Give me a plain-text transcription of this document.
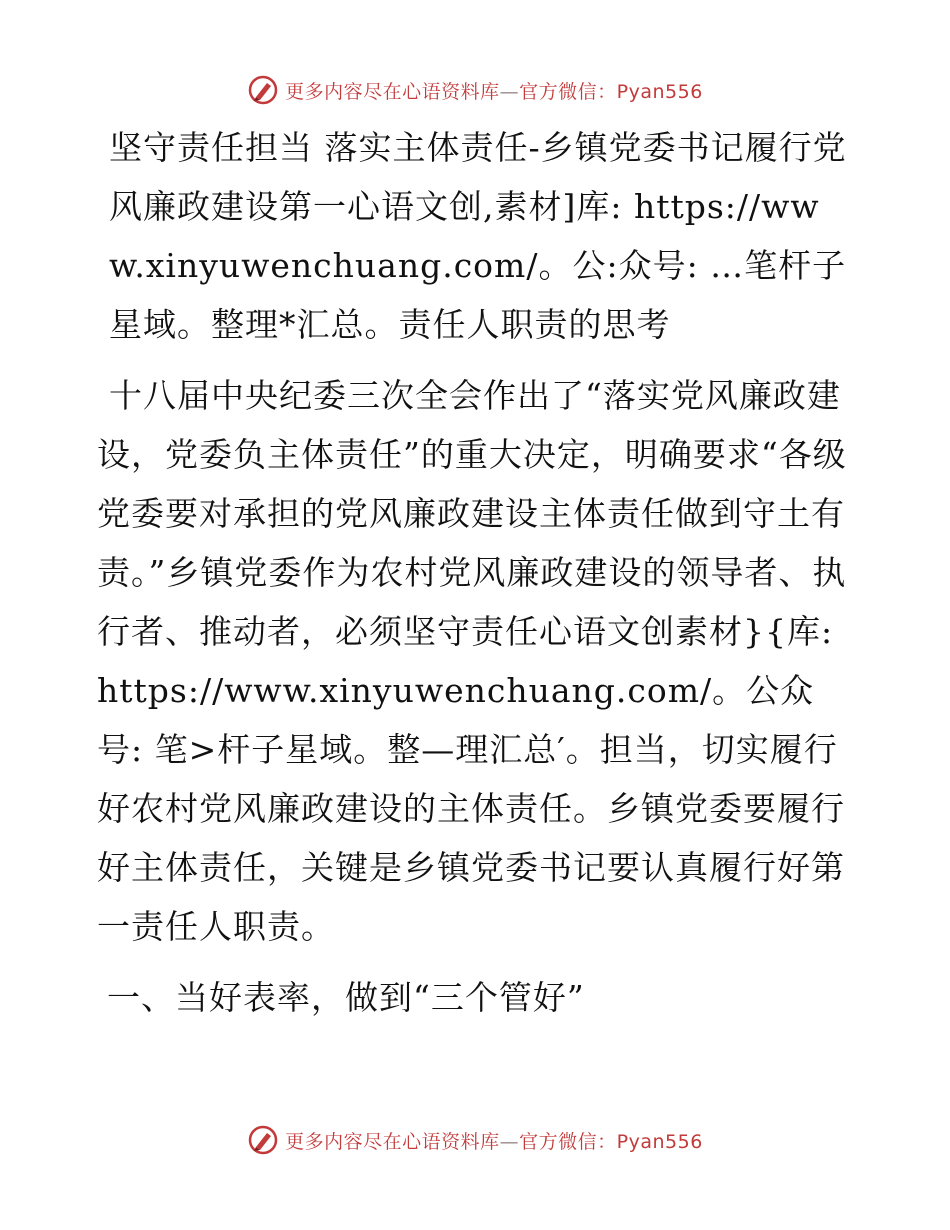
更多内容尽在心语资料库—官方微信：Pyan556

坚守责任担当 落实主体责任-乡镇党委书记履行党风廉政建设第一心语文创,素材]库: https://www.xinyuwenchuang.com/。公:众号: …笔杆子星域。整理*汇总。责任人职责的思考

十八届中央纪委三次全会作出了“落实党风廉政建设，党委负主体责任”的重大决定，明确要求“各级党委要对承担的党风廉政建设主体责任做到守土有责。”乡镇党委作为农村党风廉政建设的领导者、执行者、推动者，必须坚守责任心语文创素材}{库: https://www.xinyuwenchuang.com/。公众号: 笔>杆子星域。整—理汇总′。担当，切实履行好农村党风廉政建设的主体责任。乡镇党委要履行好主体责任，关键是乡镇党委书记要认真履行好第一责任人职责。

一、当好表率，做到“三个管好”

更多内容尽在心语资料库—官方微信：Pyan556
